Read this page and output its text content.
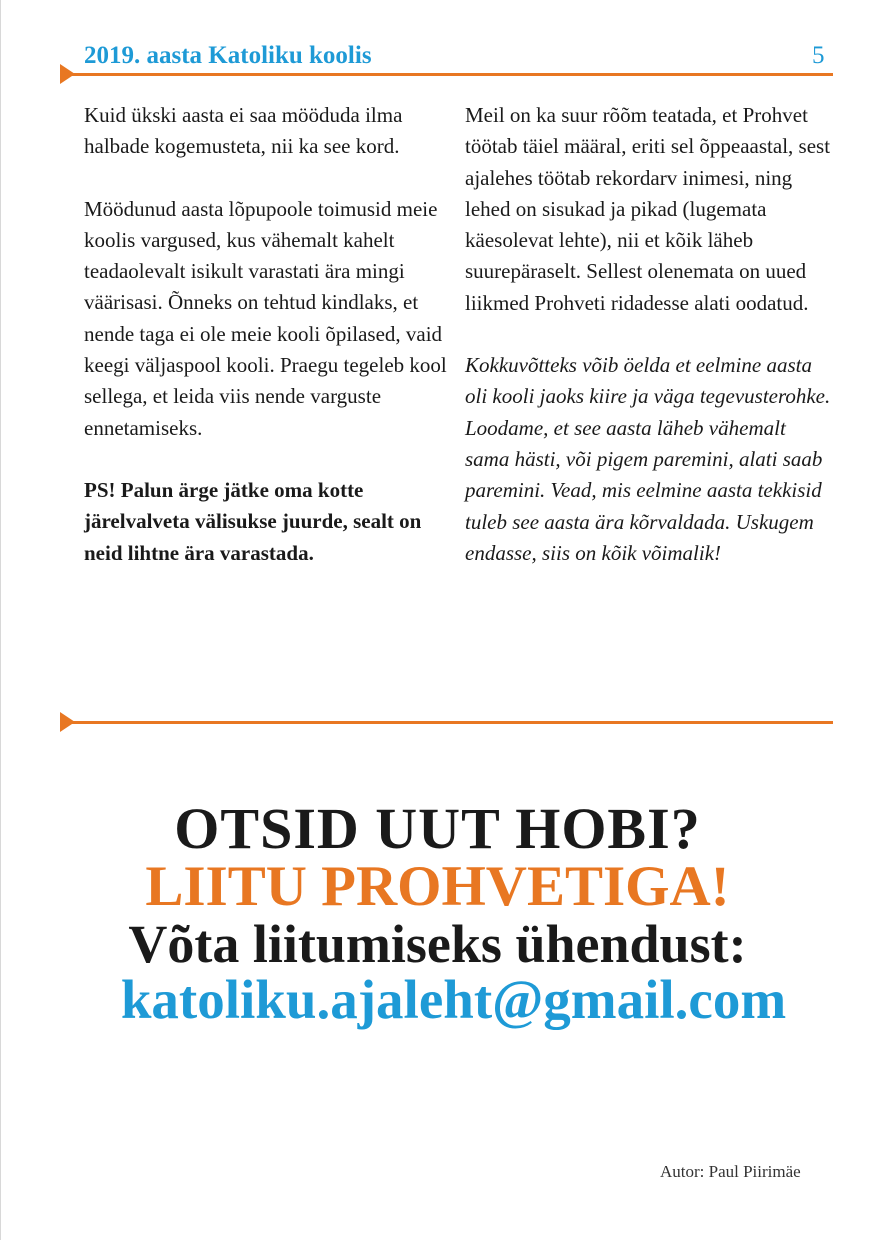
2019. aasta Katoliku koolis	5

Kuid ükski aasta ei saa mööduda ilma halbade kogemusteta, nii ka see kord.

Möödunud aasta lõpupoole toimusid meie koolis vargused, kus vähemalt kahelt teadaolevalt isikult varastati ära mingi väärisasi. Õnneks on tehtud kindlaks, et nende taga ei ole meie kooli õpilased, vaid keegi väljaspool kooli. Praegu tegeleb kool sellega, et leida viis nende varguste ennetamiseks.

PS! Palun ärge jätke oma kotte järelvalveta välisukse juurde, sealt on neid lihtne ära varastada.

Meil on ka suur rõõm teatada, et Prohvet töötab täiel määral, eriti sel õppeaastal, sest ajalehes töötab rekordarv inimesi, ning lehed on sisukad ja pikad (lugemata käesolevat lehte), nii et kõik läheb suurepäraselt. Sellest olenemata on uued liikmed Prohveti ridadesse alati oodatud.

Kokkuvõtteks võib öelda et eelmine aasta oli kooli jaoks kiire ja väga tegevusterohke. Loodame, et see aasta läheb vähemalt sama hästi, või pigem paremini, alati saab paremini. Vead, mis eelmine aasta tekkisid tuleb see aasta ära kõrvaldada. Uskugem endasse, siis on kõik võimalik!

OTSID UUT HOBI?
LIITU PROHVETIGA!
Võta liitumiseks ühendust:
katoliku.ajaleht@gmail.com
Autor: Paul Piirimäe
